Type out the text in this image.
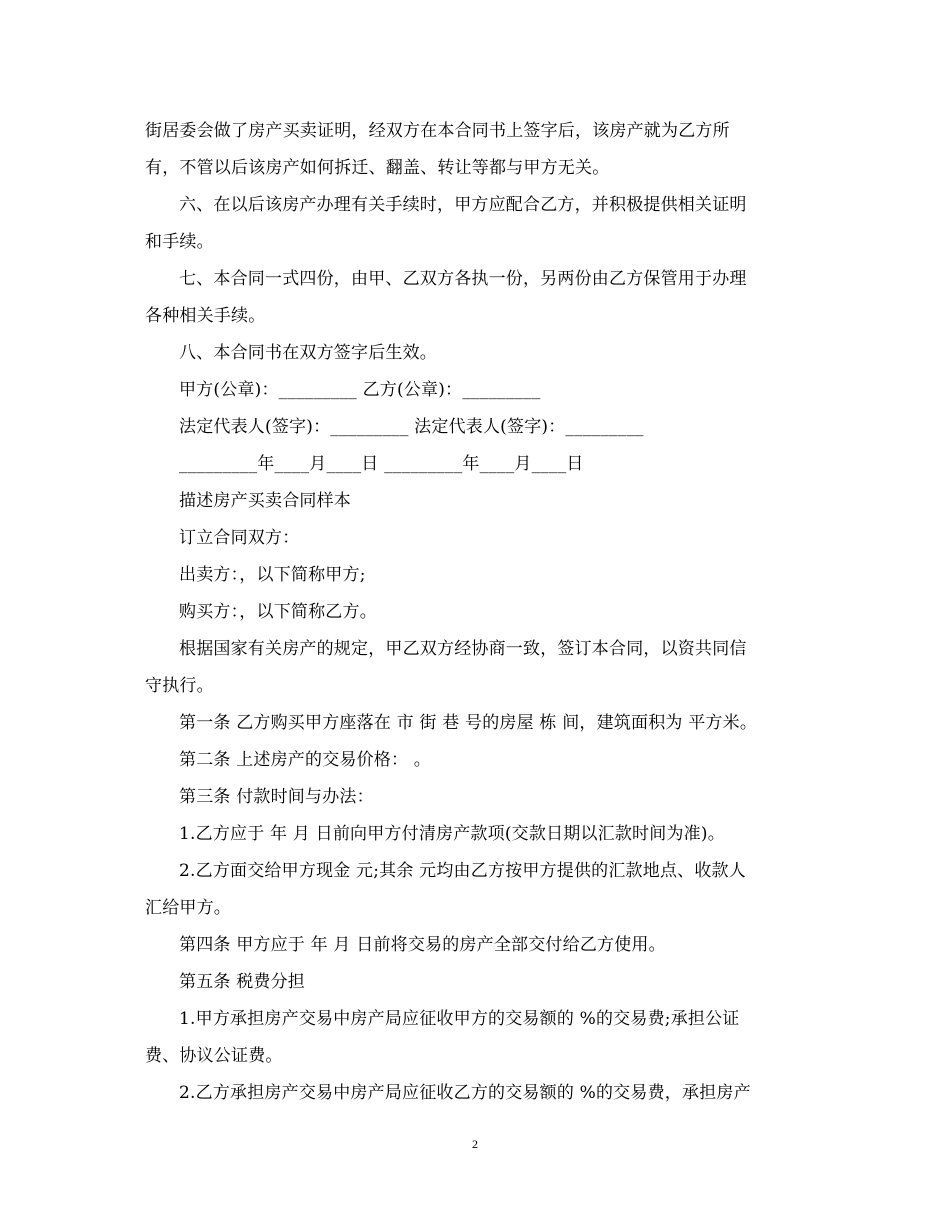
街居委会做了房产买卖证明，经双方在本合同书上签字后，该房产就为乙方所
有，不管以后该房产如何拆迁、翻盖、转让等都与甲方无关。
六、在以后该房产办理有关手续时，甲方应配合乙方，并积极提供相关证明
和手续。
七、本合同一式四份，由甲、乙双方各执一份，另两份由乙方保管用于办理
各种相关手续。
八、本合同书在双方签字后生效。
甲方(公章)：_________ 乙方(公章)：_________
法定代表人(签字)：_________ 法定代表人(签字)：_________
_________年____月____日 _________年____月____日
描述房产买卖合同样本
订立合同双方：
出卖方：，以下简称甲方;
购买方：，以下简称乙方。
根据国家有关房产的规定，甲乙双方经协商一致，签订本合同，以资共同信
守执行。
第一条 乙方购买甲方座落在 市 街 巷 号的房屋 栋 间，建筑面积为 平方米。
第二条 上述房产的交易价格： 。
第三条 付款时间与办法：
1.乙方应于 年 月 日前向甲方付清房产款项(交款日期以汇款时间为准)。
2.乙方面交给甲方现金 元;其余 元均由乙方按甲方提供的汇款地点、收款人
汇给甲方。
第四条 甲方应于 年 月 日前将交易的房产全部交付给乙方使用。
第五条 税费分担
1.甲方承担房产交易中房产局应征收甲方的交易额的 %的交易费;承担公证
费、协议公证费。
2.乙方承担房产交易中房产局应征收乙方的交易额的 %的交易费，承担房产
2
